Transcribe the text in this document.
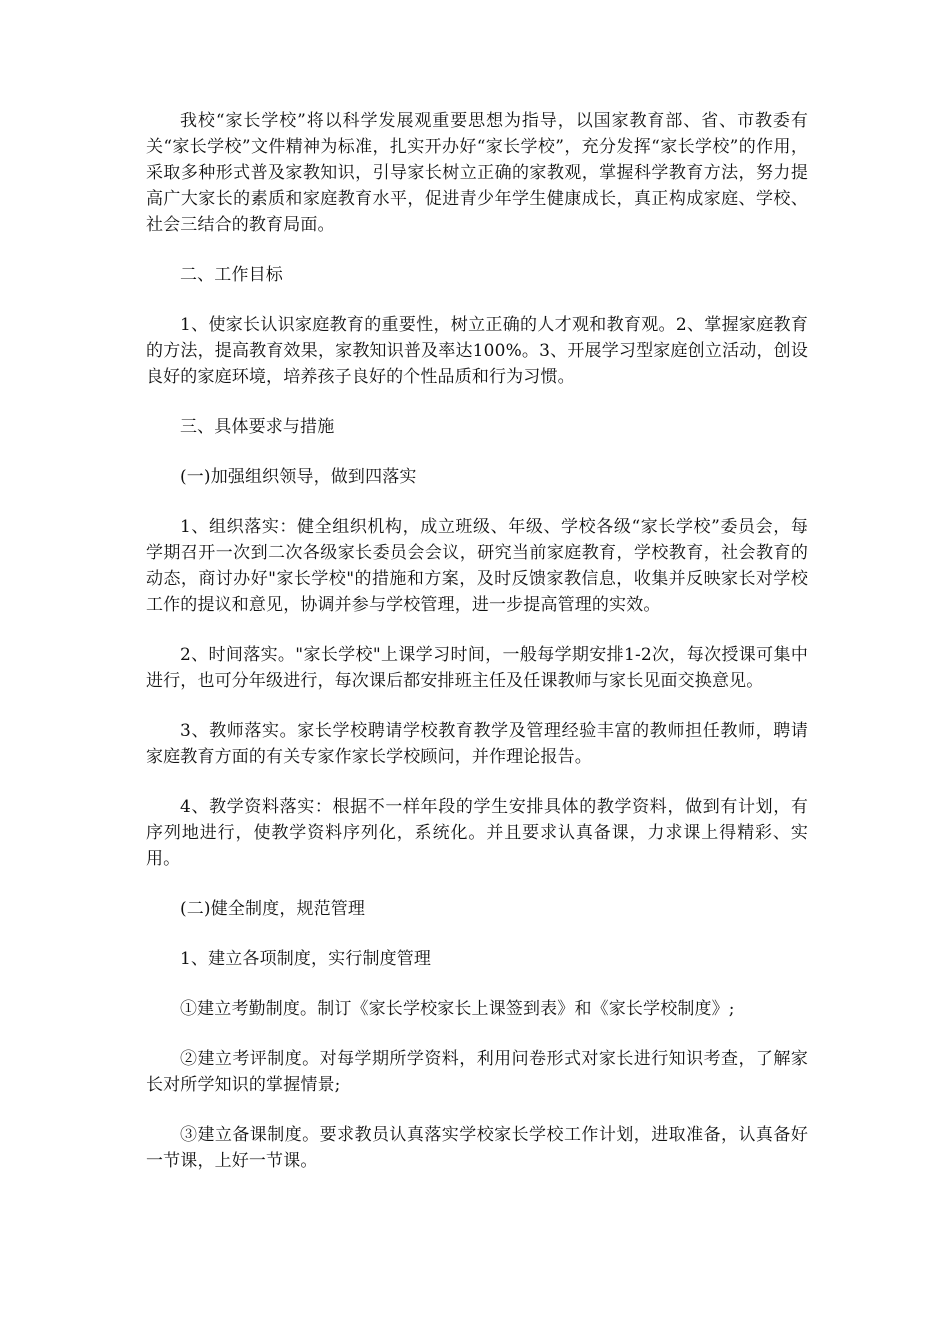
我校“家长学校”将以科学发展观重要思想为指导，以国家教育部、省、市教委有关“家长学校”文件精神为标准，扎实开办好“家长学校”，充分发挥“家长学校”的作用，采取多种形式普及家教知识，引导家长树立正确的家教观，掌握科学教育方法，努力提高广大家长的素质和家庭教育水平，促进青少年学生健康成长，真正构成家庭、学校、社会三结合的教育局面。

二、工作目标

1、使家长认识家庭教育的重要性，树立正确的人才观和教育观。2、掌握家庭教育的方法，提高教育效果，家教知识普及率达100%。3、开展学习型家庭创立活动，创设良好的家庭环境，培养孩子良好的个性品质和行为习惯。

三、具体要求与措施

(一)加强组织领导，做到四落实

1、组织落实：健全组织机构，成立班级、年级、学校各级“家长学校”委员会，每学期召开一次到二次各级家长委员会会议，研究当前家庭教育，学校教育，社会教育的动态，商讨办好"家长学校"的措施和方案，及时反馈家教信息，收集并反映家长对学校工作的提议和意见，协调并参与学校管理，进一步提高管理的实效。

2、时间落实。"家长学校"上课学习时间，一般每学期安排1-2次，每次授课可集中进行，也可分年级进行，每次课后都安排班主任及任课教师与家长见面交换意见。

3、教师落实。家长学校聘请学校教育教学及管理经验丰富的教师担任教师，聘请家庭教育方面的有关专家作家长学校顾问，并作理论报告。

4、教学资料落实：根据不一样年段的学生安排具体的教学资料，做到有计划，有序列地进行，使教学资料序列化，系统化。并且要求认真备课，力求课上得精彩、实用。

(二)健全制度，规范管理

1、建立各项制度，实行制度管理

①建立考勤制度。制订《家长学校家长上课签到表》和《家长学校制度》;

②建立考评制度。对每学期所学资料，利用问卷形式对家长进行知识考查，了解家长对所学知识的掌握情景;

③建立备课制度。要求教员认真落实学校家长学校工作计划，进取准备，认真备好一节课，上好一节课。
